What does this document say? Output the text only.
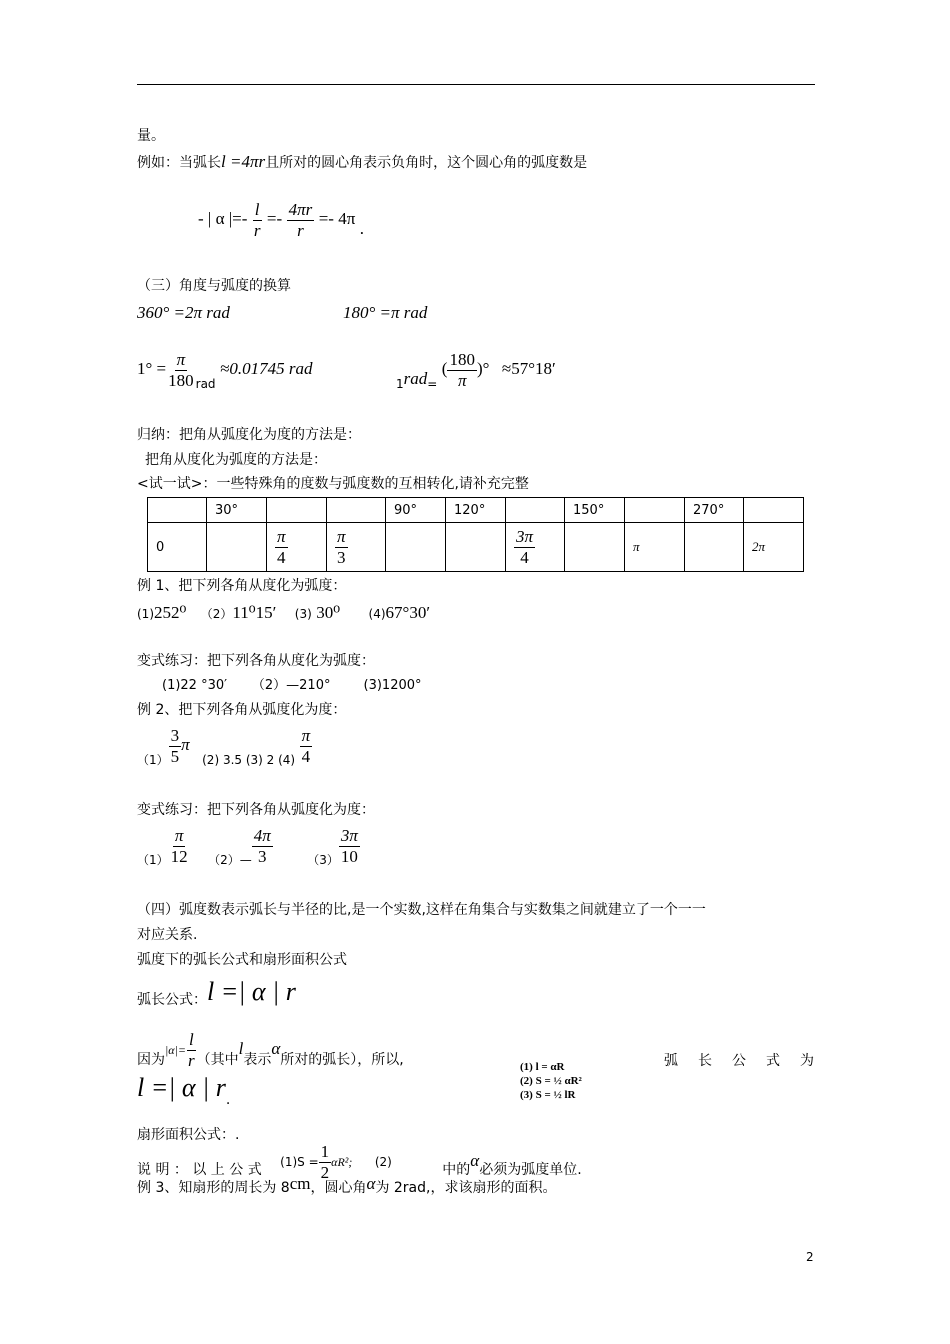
量。
例如：当弧长l =4πr且所对的圆心角表示负角时，这个圆心角的弧度数是
- | α |=- $\frac{l}{r} =- \frac{4\pi r}{r} =- 4\pi$ .
（三）角度与弧度的换算
360° =2π rad	180° =π rad
$1^\circ = \frac{\pi}{180}$ rad ≈0.01745 rad
1rad= ( $\frac{180}{\pi}$ )° ≈57°18′
归纳：把角从弧度化为度的方法是：
把角从度化为弧度的方法是：
<试一试>：一些特殊角的度数与弧度数的互相转化,请补充完整
	30°			90°	120°		150°		270°	
0		$\frac{\pi}{4}$	$\frac{\pi}{3}$			$\frac{3\pi}{4}$		π		2π
例 1、把下列各角从度化为弧度：
(1)252⁰ （2）11⁰15′ (3) 30⁰ (4)67°30′
变式练习：把下列各角从度化为弧度：
(1)22 °30′      （2）—210°        (3)1200°
例 2、把下列各角从弧度化为度：
$(1) \frac{3}{5}$ π (2) 3.5 (3) 2 $(4) \frac{\pi}{4}$
变式练习：把下列各角从弧度化为度：
$(1) \frac{\pi}{12}$ （2）— $\frac{4\pi}{3}$	$(3) \frac{3\pi}{10}$
（四）弧度数表示弧长与半径的比,是一个实数,这样在角集合与实数集之间就建立了一个一一
对应关系.
弧度下的弧长公式和扇形面积公式
弧长公式：l =| α | r
因为$|\alpha|= \frac{l}{r}$ （其中l表示α所对的弧长），所以,	(1) l = αR
(2) S = ½ αR²
(3) S = ½ lR
弧 长 公 式 为
l =| α | r.
扇形面积公式：.
说 明 ： 以 上 公 式 $(1)S = \frac{1}{2} \alpha R^2$; (2)	中的α必须为弧度单位.
例 3、知扇形的周长为 8cm，圆心角α为 2rad,，求该扇形的面积。
2
